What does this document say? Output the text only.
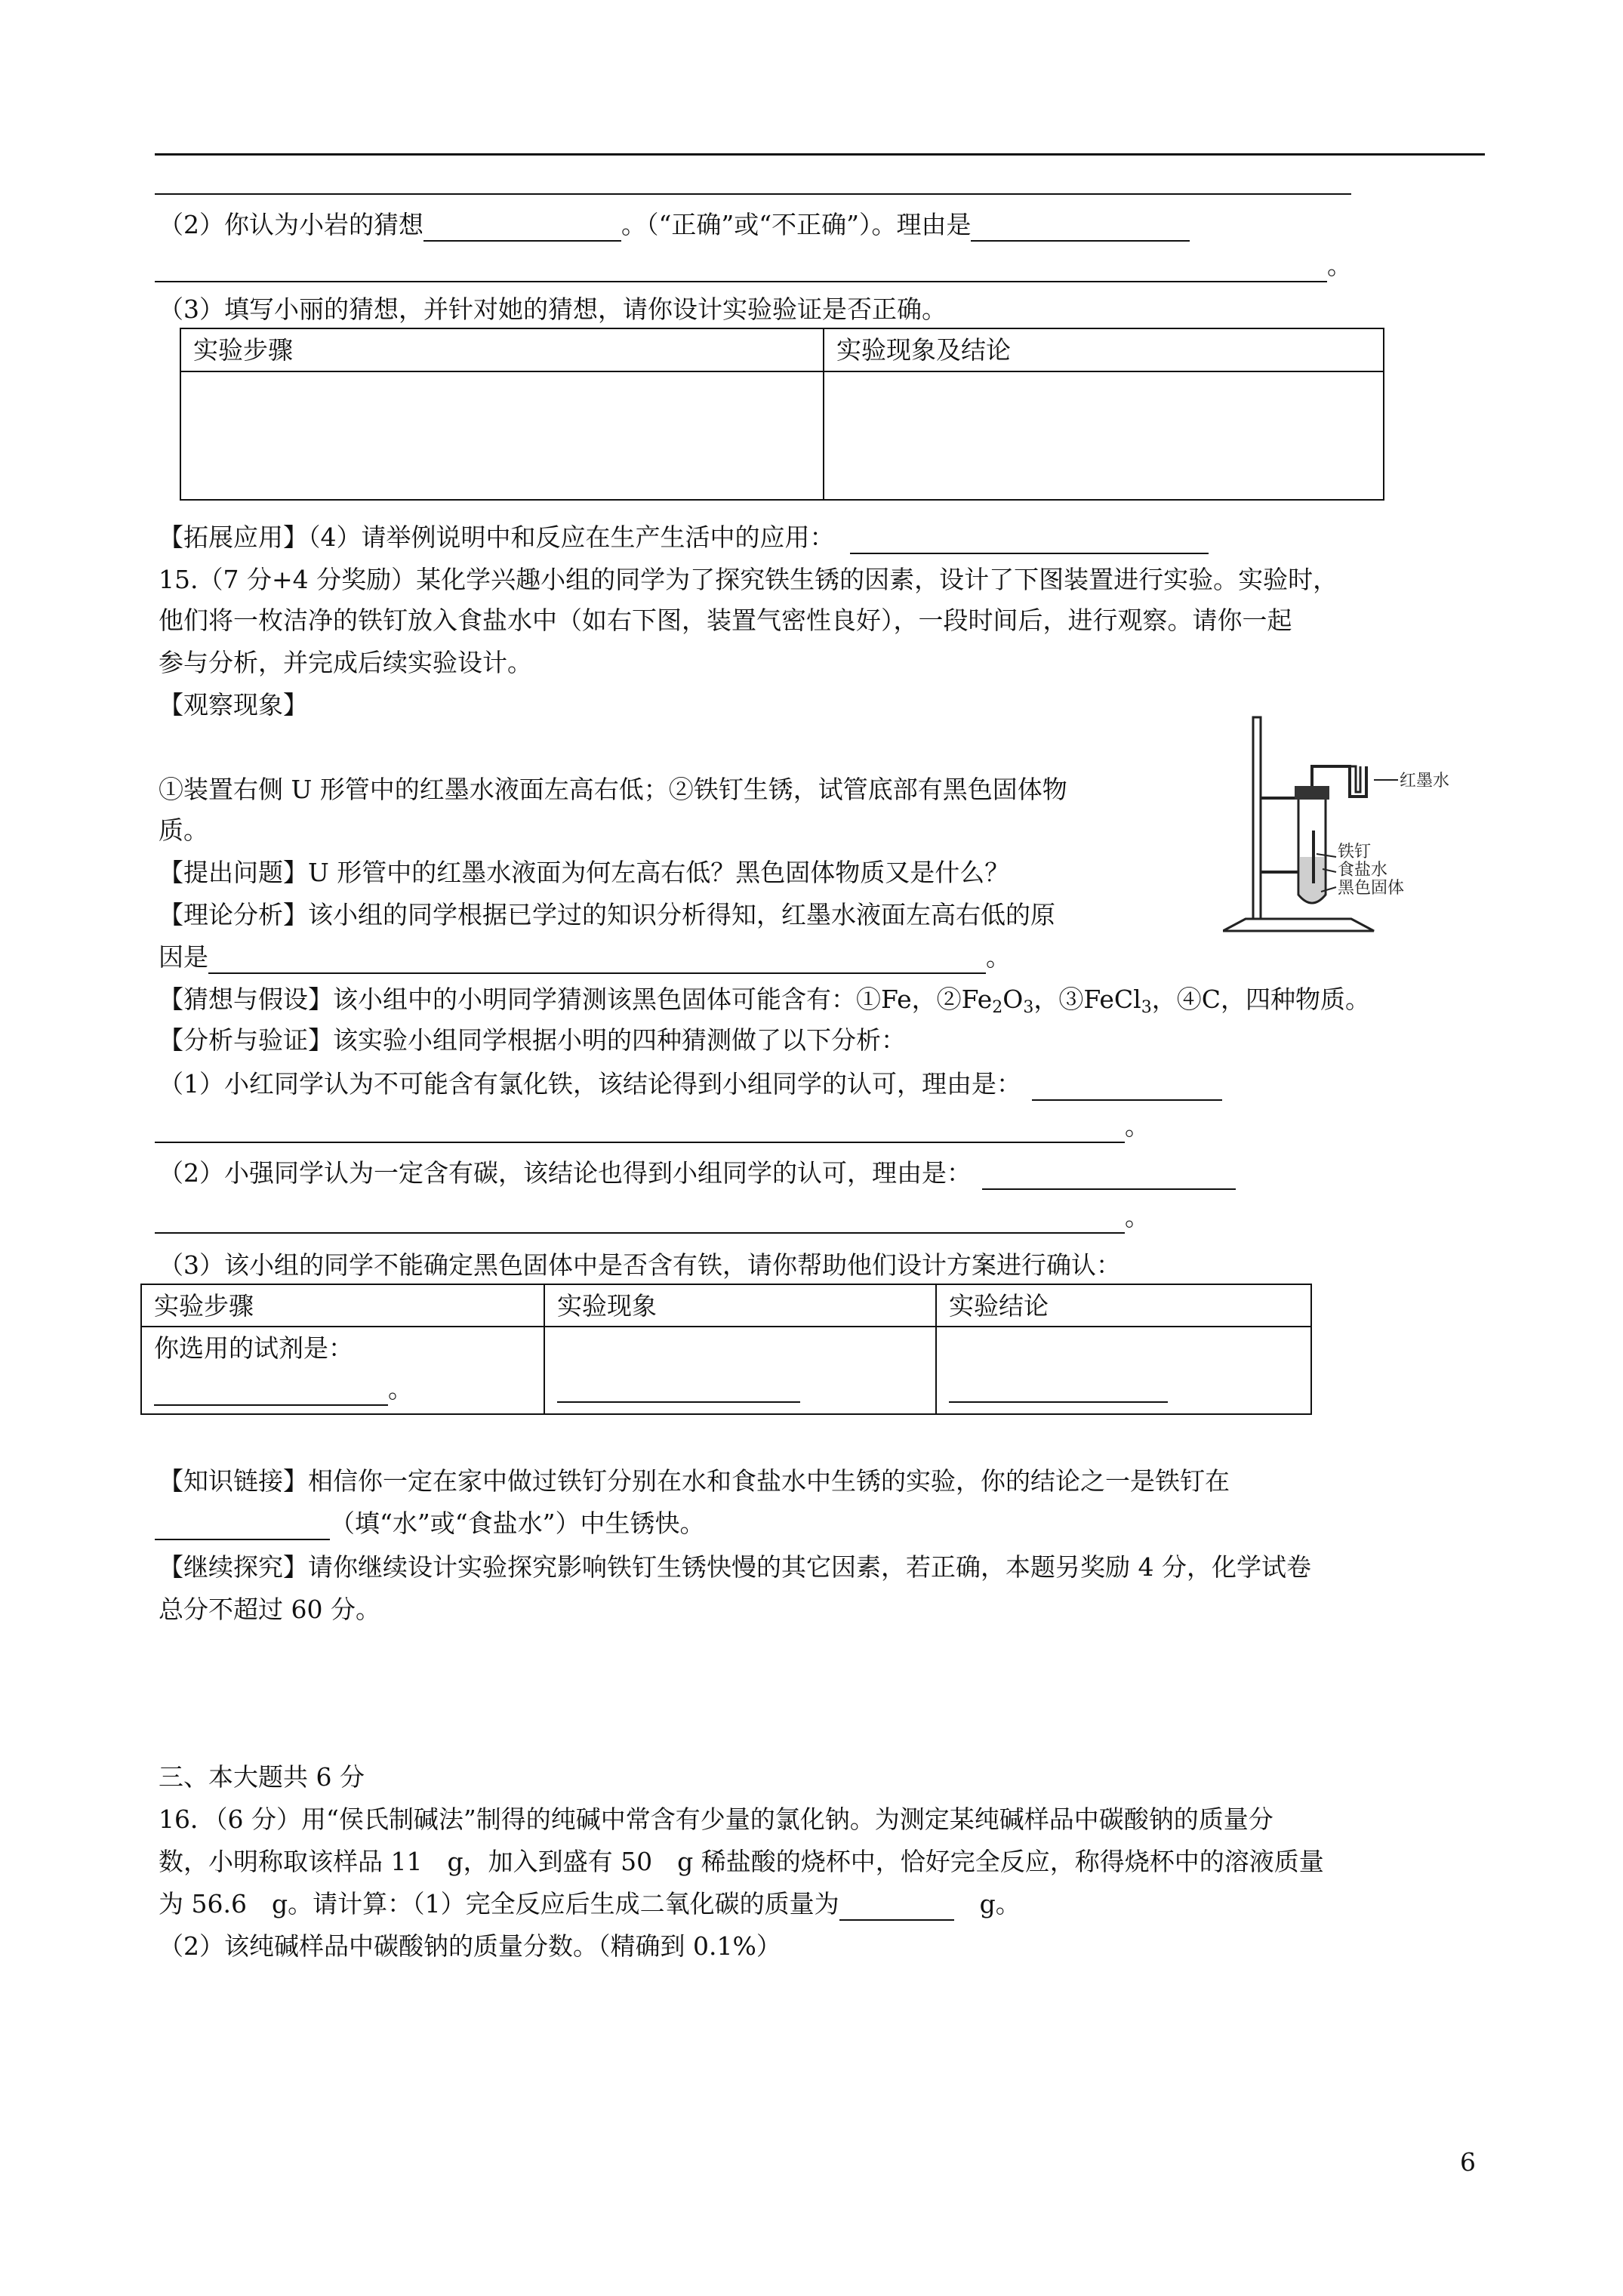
（2）你认为小岩的猜想	。（“正确”或“不正确”）。理由是
。
（3）填写小丽的猜想，并针对她的猜想，请你设计实验验证是否正确。
实验步骤	实验现象及结论

【拓展应用】（4）请举例说明中和反应在生产生活中的应用：
15.（7 分+4 分奖励）某化学兴趣小组的同学为了探究铁生锈的因素，设计了下图装置进行实验。实验时，
他们将一枚洁净的铁钉放入食盐水中（如右下图，装置气密性良好），一段时间后，进行观察。请你一起
参与分析，并完成后续实验设计。
【观察现象】
红墨水
铁钉
食盐水
黑色固体
①装置右侧 U 形管中的红墨水液面左高右低；②铁钉生锈，试管底部有黑色固体物
质。
【提出问题】U 形管中的红墨水液面为何左高右低？黑色固体物质又是什么？
【理论分析】该小组的同学根据已学过的知识分析得知，红墨水液面左高右低的原
因是	。
【猜想与假设】该小组中的小明同学猜测该黑色固体可能含有：①Fe，$②Fe_2O_3$，③FeCl$_3$，④C，四种物质。
【分析与验证】该实验小组同学根据小明的四种猜测做了以下分析：
（1）小红同学认为不可能含有氯化铁，该结论得到小组同学的认可，理由是：
。
（2）小强同学认为一定含有碳，该结论也得到小组同学的认可，理由是：
。
（3）该小组的同学不能确定黑色固体中是否含有铁，请你帮助他们设计方案进行确认：
实验步骤	实验现象	实验结论

你选用的试剂是：
。		

【知识链接】相信你一定在家中做过铁钉分别在水和食盐水中生锈的实验，你的结论之一是铁钉在
（填“水”或“食盐水”）中生锈快。
【继续探究】请你继续设计实验探究影响铁钉生锈快慢的其它因素，若正确，本题另奖励 4 分，化学试卷
总分不超过 60 分。
三、本大题共 6 分
16．（6 分）用“侯氏制碱法”制得的纯碱中常含有少量的氯化钠。为测定某纯碱样品中碳酸钠的质量分
数，小明称取该样品 11　g，加入到盛有 50　g 稀盐酸的烧杯中，恰好完全反应，称得烧杯中的溶液质量
为 56.6　g。请计算：（1）完全反应后生成二氧化碳的质量为	g。
（2）该纯碱样品中碳酸钠的质量分数。（精确到 0.1%）
6
